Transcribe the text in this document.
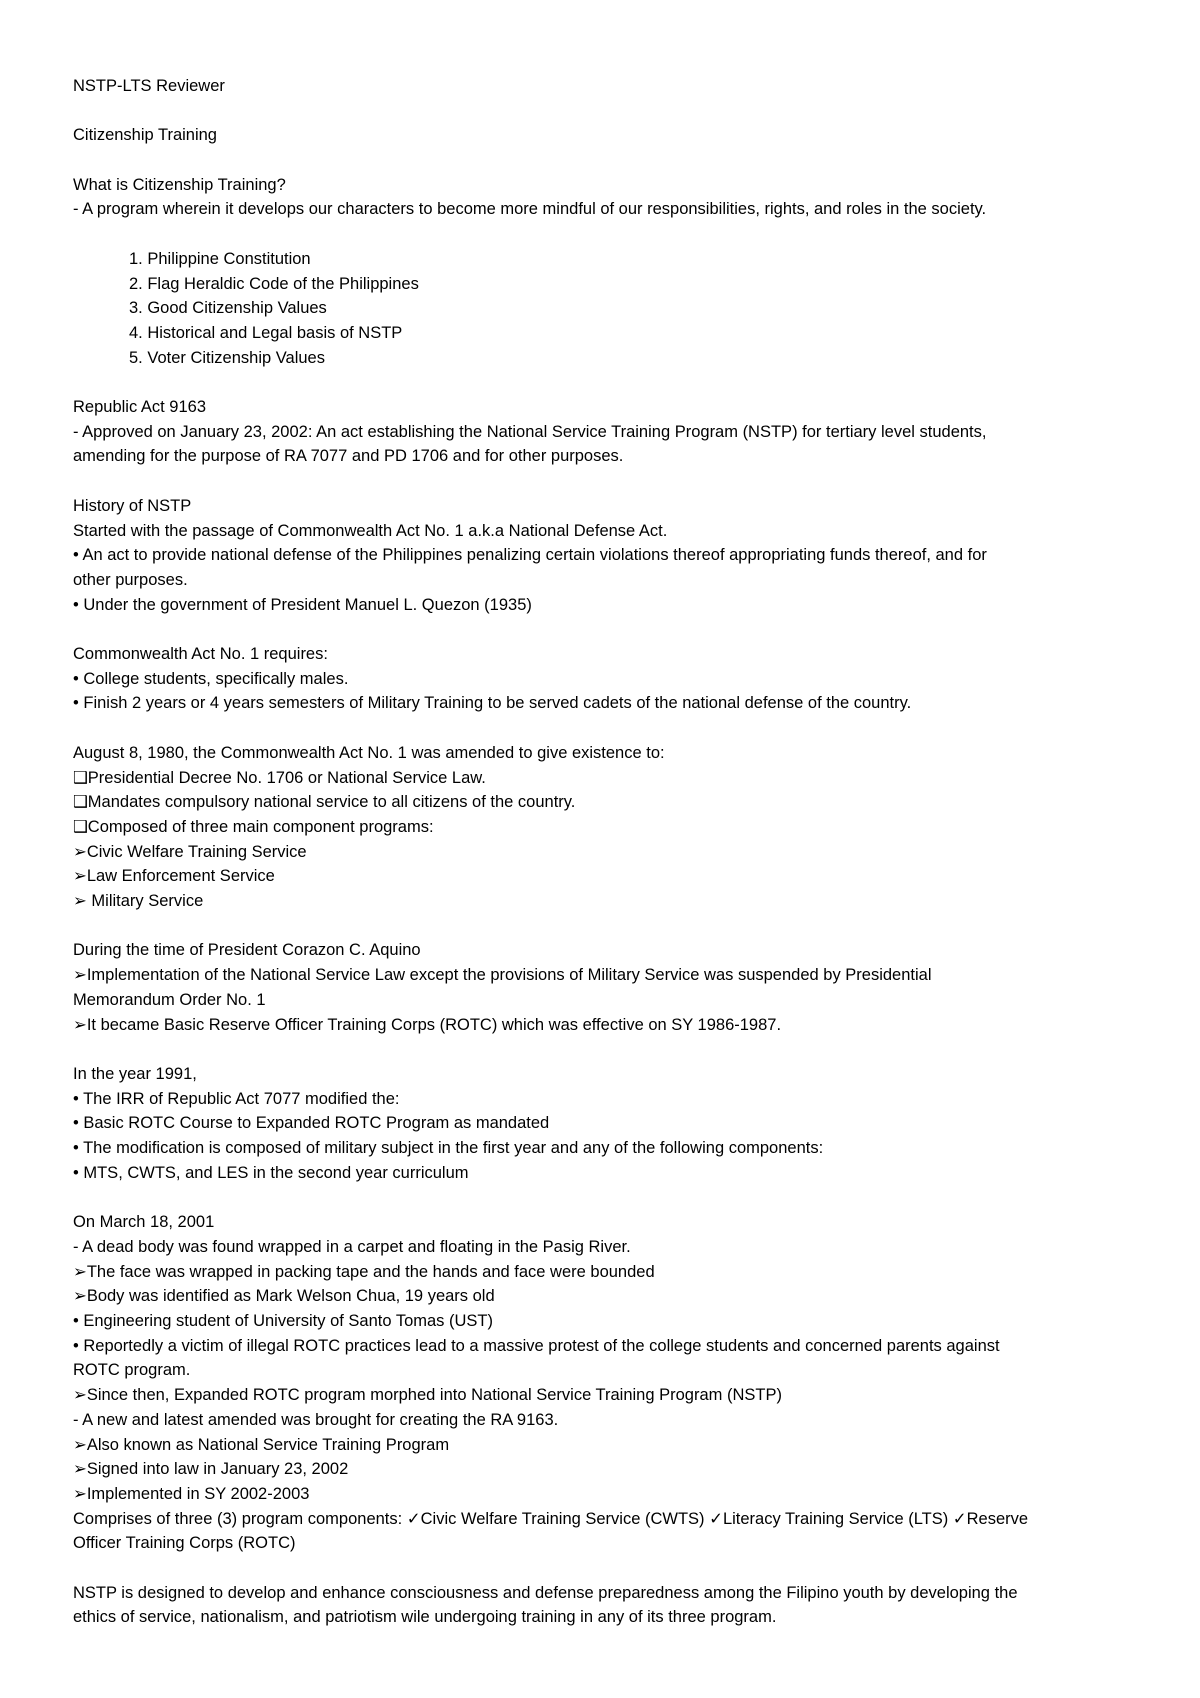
NSTP-LTS Reviewer
Citizenship Training
What is Citizenship Training?
- A program wherein it develops our characters to become more mindful of our responsibilities, rights, and roles in the society.
1. Philippine Constitution
2. Flag Heraldic Code of the Philippines
3. Good Citizenship Values
4. Historical and Legal basis of NSTP
5. Voter Citizenship Values
Republic Act 9163
- Approved on January 23, 2002: An act establishing the National Service Training Program (NSTP) for tertiary level students,
amending for the purpose of RA 7077 and PD 1706 and for other purposes.
History of NSTP
Started with the passage of Commonwealth Act No. 1 a.k.a National Defense Act.
• An act to provide national defense of the Philippines penalizing certain violations thereof appropriating funds thereof, and for
other purposes.
• Under the government of President Manuel L. Quezon (1935)
Commonwealth Act No. 1 requires:
• College students, specifically males.
• Finish 2 years or 4 years semesters of Military Training to be served cadets of the national defense of the country.
August 8, 1980, the Commonwealth Act No. 1 was amended to give existence to:
❑Presidential Decree No. 1706 or National Service Law.
❑Mandates compulsory national service to all citizens of the country.
❑Composed of three main component programs:
➢Civic Welfare Training Service
➢Law Enforcement Service
➢ Military Service
During the time of President Corazon C. Aquino
➢Implementation of the National Service Law except the provisions of Military Service was suspended by Presidential
Memorandum Order No. 1
➢It became Basic Reserve Officer Training Corps (ROTC) which was effective on SY 1986-1987.
In the year 1991,
• The IRR of Republic Act 7077 modified the:
• Basic ROTC Course to Expanded ROTC Program as mandated
• The modification is composed of military subject in the first year and any of the following components:
• MTS, CWTS, and LES in the second year curriculum
On March 18, 2001
- A dead body was found wrapped in a carpet and floating in the Pasig River.
➢The face was wrapped in packing tape and the hands and face were bounded
➢Body was identified as Mark Welson Chua, 19 years old
• Engineering student of University of Santo Tomas (UST)
• Reportedly a victim of illegal ROTC practices lead to a massive protest of the college students and concerned parents against
ROTC program.
➢Since then, Expanded ROTC program morphed into National Service Training Program (NSTP)
- A new and latest amended was brought for creating the RA 9163.
➢Also known as National Service Training Program
➢Signed into law in January 23, 2002
➢Implemented in SY 2002-2003
Comprises of three (3) program components: ✓Civic Welfare Training Service (CWTS) ✓Literacy Training Service (LTS) ✓Reserve
Officer Training Corps (ROTC)
NSTP is designed to develop and enhance consciousness and defense preparedness among the Filipino youth by developing the
ethics of service, nationalism, and patriotism wile undergoing training in any of its three program.
